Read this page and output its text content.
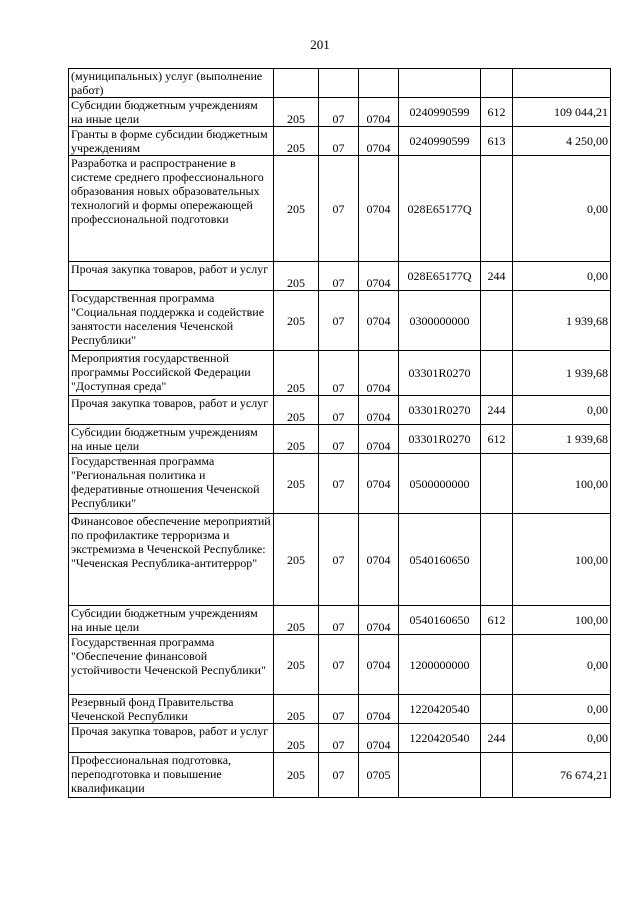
201
(муниципальных) услуг (выполнение работ)						
Субсидии бюджетным учреждениям на иные цели	205	07	0704	0240990599	612	109 044,21
Гранты в форме субсидии бюджетным учреждениям	205	07	0704	0240990599	613	4 250,00
Разработка и распространение в системе среднего профессионального образования новых образовательных технологий и формы опережающей профессиональной подготовки	205	07	0704	028E65177Q		0,00
Прочая закупка товаров, работ и услуг	205	07	0704	028E65177Q	244	0,00
Государственная программа "Социальная поддержка и содействие занятости населения Чеченской Республики"	205	07	0704	0300000000		1 939,68
Мероприятия государственной программы Российской Федерации "Доступная среда"	205	07	0704	03301R0270		1 939,68
Прочая закупка товаров, работ и услуг	205	07	0704	03301R0270	244	0,00
Субсидии бюджетным учреждениям на иные цели	205	07	0704	03301R0270	612	1 939,68
Государственная программа "Региональная политика и федеративные отношения Чеченской Республики"	205	07	0704	0500000000		100,00
Финансовое обеспечение мероприятий по профилактике терроризма и экстремизма в Чеченской Республике: "Чеченская Республика-антитеррор"	205	07	0704	0540160650		100,00
Субсидии бюджетным учреждениям на иные цели	205	07	0704	0540160650	612	100,00
Государственная программа "Обеспечение финансовой устойчивости Чеченской Республики"	205	07	0704	1200000000		0,00
Резервный фонд Правительства Чеченской Республики	205	07	0704	1220420540		0,00
Прочая закупка товаров, работ и услуг	205	07	0704	1220420540	244	0,00
Профессиональная подготовка, переподготовка и повышение квалификации	205	07	0705			76 674,21
